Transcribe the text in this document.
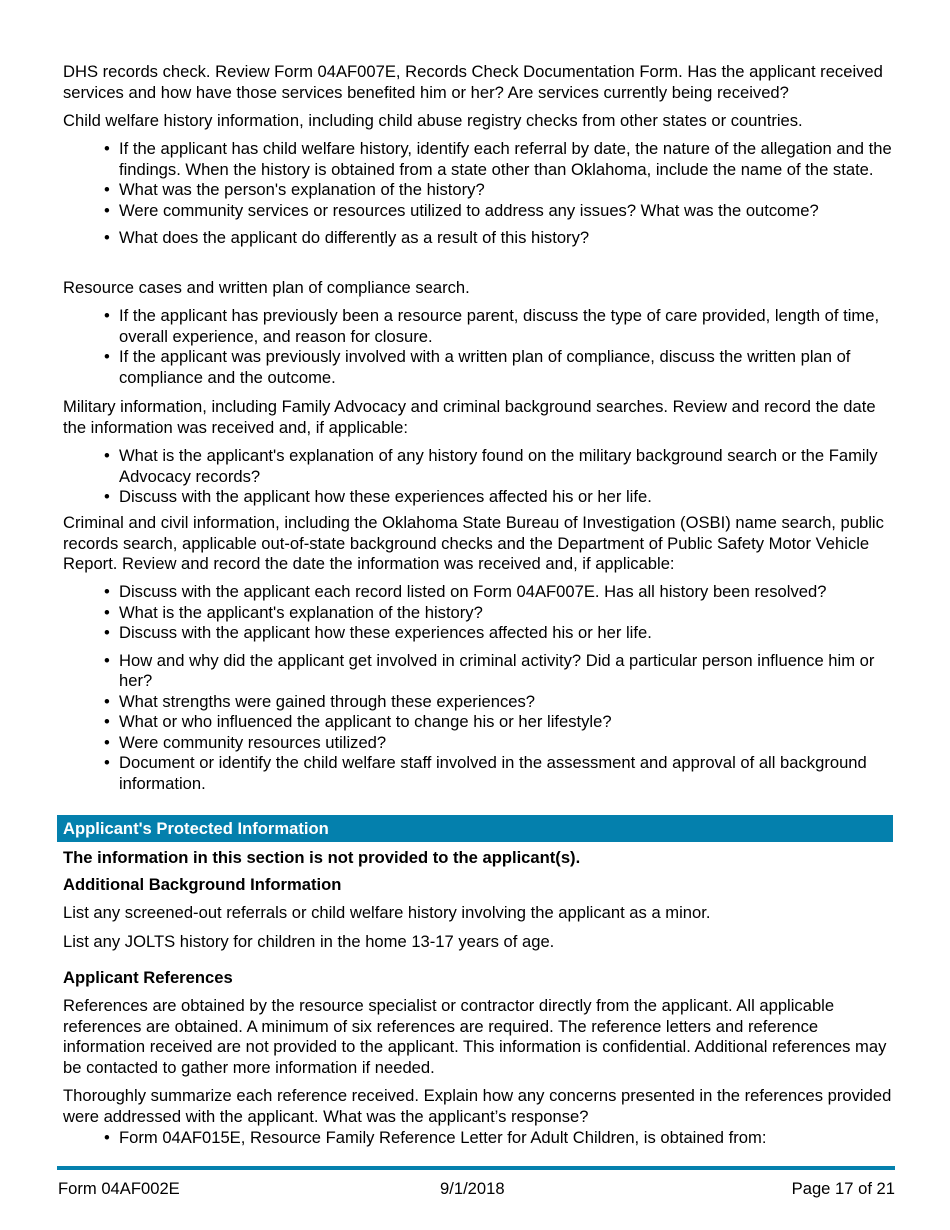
DHS records check. Review Form 04AF007E, Records Check Documentation Form. Has the applicant received services and how have those services benefited him or her? Are services currently being received?

Child welfare history information, including child abuse registry checks from other states or countries.

• If the applicant has child welfare history, identify each referral by date, the nature of the allegation and the findings. When the history is obtained from a state other than Oklahoma, include the name of the state.
• What was the person's explanation of the history?
• Were community services or resources utilized to address any issues? What was the outcome?
• What does the applicant do differently as a result of this history?

Resource cases and written plan of compliance search.

• If the applicant has previously been a resource parent, discuss the type of care provided, length of time, overall experience, and reason for closure.
• If the applicant was previously involved with a written plan of compliance, discuss the written plan of compliance and the outcome.

Military information, including Family Advocacy and criminal background searches. Review and record the date the information was received and, if applicable:

• What is the applicant's explanation of any history found on the military background search or the Family Advocacy records?
• Discuss with the applicant how these experiences affected his or her life.

Criminal and civil information, including the Oklahoma State Bureau of Investigation (OSBI) name search, public records search, applicable out-of-state background checks and the Department of Public Safety Motor Vehicle Report. Review and record the date the information was received and, if applicable:

• Discuss with the applicant each record listed on Form 04AF007E. Has all history been resolved?
• What is the applicant's explanation of the history?
• Discuss with the applicant how these experiences affected his or her life.
• How and why did the applicant get involved in criminal activity? Did a particular person influence him or her?
• What strengths were gained through these experiences?
• What or who influenced the applicant to change his or her lifestyle?
• Were community resources utilized?
• Document or identify the child welfare staff involved in the assessment and approval of all background information.
Applicant's Protected Information

The information in this section is not provided to the applicant(s).

Additional Background Information

List any screened-out referrals or child welfare history involving the applicant as a minor.

List any JOLTS history for children in the home 13-17 years of age.

Applicant References

References are obtained by the resource specialist or contractor directly from the applicant. All applicable references are obtained. A minimum of six references are required. The reference letters and reference information received are not provided to the applicant. This information is confidential. Additional references may be contacted to gather more information if needed.

Thoroughly summarize each reference received. Explain how any concerns presented in the references provided were addressed with the applicant. What was the applicant’s response?

• Form 04AF015E, Resource Family Reference Letter for Adult Children, is obtained from:
Form 04AF002E	9/1/2018	Page 17 of 21
